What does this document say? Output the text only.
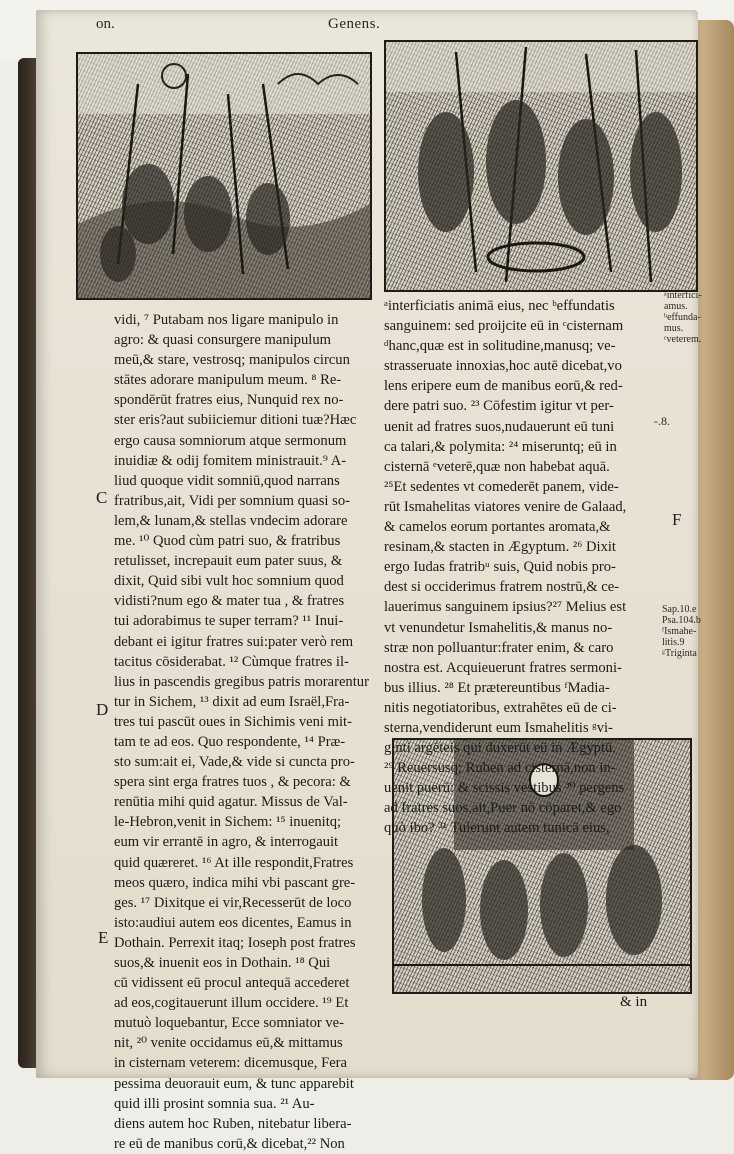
on.	Genens.
vidi, ⁷ Putabam nos ligare manipulo in
agro: & quasi consurgere manipulum
meū,& stare, vestrosq; manipulos circun
stātes adorare manipulum meum. ⁸ Re-
spondērūt fratres eius, Nunquid rex no-
ster eris?aut subiiciemur ditioni tuæ?Hæc
ergo causa somniorum atque sermonum
inuidiæ & odij fomitem ministrauit.⁹ A-
liud quoque vidit somniū,quod narrans
fratribus,ait, Vidi per somnium quasi so-
lem,& lunam,& stellas vndecim adorare
me. ¹⁰ Quod cùm patri suo, & fratribus
retulisset, increpauit eum pater suus, &
dixit, Quid sibi vult hoc somnium quod
vidisti?num ego & mater tua , & fratres
tui adorabimus te super terram? ¹¹ Inui-
debant ei igitur fratres sui:pater verò rem
tacitus cōsiderabat. ¹² Cùmque fratres il-
lius in pascendis gregibus patris morarentur
tur in Sichem, ¹³ dixit ad eum Israël,Fra-
tres tui pascūt oues in Sichimis veni mit-
tam te ad eos. Quo respondente, ¹⁴ Præ-
sto sum:ait ei, Vade,& vide si cuncta pro-
spera sint erga fratres tuos , & pecora: &
renūtia mihi quid agatur. Missus de Val-
le-Hebron,venit in Sichem: ¹⁵ inuenitq;
eum vir errantē in agro, & interrogauit
quid quæreret. ¹⁶ At ille respondit,Fratres
meos quæro, indica mihi vbi pascant gre-
ges. ¹⁷ Dixitque ei vir,Recesserūt de loco
isto:audiui autem eos dicentes, Eamus in
Dothain. Perrexit itaq; Ioseph post fratres
suos,& inuenit eos in Dothain. ¹⁸ Qui
cū vidissent eū procul antequā accederet
ad eos,cogitauerunt illum occidere. ¹⁹ Et
mutuò loquebantur, Ecce somniator ve-
nit, ²⁰ venite occidamus eū,& mittamus
in cisternam veterem: dicemusque, Fera
pessima deuorauit eum, & tunc apparebit
quid illi prosint somnia sua. ²¹ Au-
diens autem hoc Ruben, nitebatur libera-
re eū de manibus corū,& dicebat,²² Non
ᵃinterficiatis animā eius, nec ᵇeffundatis
sanguinem: sed proijcite eū in ᶜcisternam
ᵈhanc,quæ est in solitudine,manusq; ve-
strasseruate innoxias,hoc autē dicebat,vo
lens eripere eum de manibus eorū,& red-
dere patri suo. ²³ Cōfestim igitur vt per-
uenit ad fratres suos,nudauerunt eū tuni
ca talari,& polymita: ²⁴ miseruntq; eū in
cisternā ᵉveterē,quæ non habebat aquā.
²⁵Et sedentes vt comederēt panem, vide-
rūt Ismahelitas viatores venire de Galaad,
& camelos eorum portantes aromata,&
resinam,& stacten in Ægyptum. ²⁶ Dixit
ergo Iudas fratribᵘ suis, Quid nobis pro-
dest si occiderimus fratrem nostrū,& ce-
lauerimus sanguinem ipsius?²⁷ Melius est
vt venundetur Ismahelitis,& manus no-
stræ non polluantur:frater enim, & caro
nostra est. Acquieuerunt fratres sermoni-
bus illius. ²⁸ Et prætereuntibus ᶠMadia-
nitis negotiatoribus, extrahētes eū de ci-
sterna,vendiderunt eum Ismahelitis ᵍvi-
ginti argēteis qui duxerūt eū in Ægyptū.
²⁹ Reuersusq; Ruben ad cisternā,non in-
uenit puerū: & scissis vestibus ³⁰ pergens
ad fratres suos,ait,Puer nō cōparet,& ego
quò ibo? ³¹ Tulerunt autem tunicā eius,
ᵃinterfici-
amus.
ᵇeffunda-
mus.
ᶜveterem.
-.8.
Sap.10.e
Psa.104.b
ᶠIsmahe-
litis.9
ᵍTriginta
C
D
E
F
& in
